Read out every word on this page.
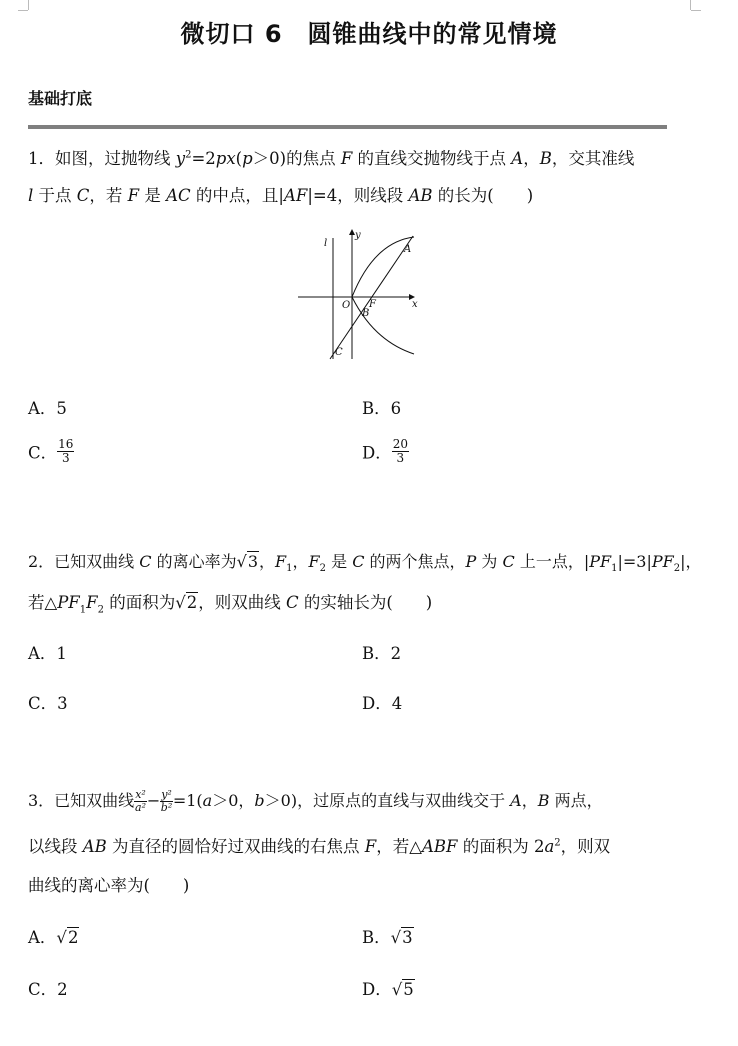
微切口 6　圆锥曲线中的常见情境
基础打底
1．如图，过抛物线 $y^2=2px(p>0)$的焦点 F 的直线交抛物线于点 A，B，交其准线
l 于点 C，若 F 是 AC 的中点，且|AF|=4，则线段 AB 的长为(　　)
l
y
x
O F
A
B
C
A．5	B．6
C． $\frac{16}{3}$	D． $\frac{20}{3}$
2．已知双曲线 C 的离心率为√3，$F_1$，$F_2$ 是 C 的两个焦点，P 为 C 上一点，$|PF_1|=3|PF_2|$，
若$\triangle PF_1F_2$ 的面积为√2，则双曲线 C 的实轴长为(　　)
A．1	B．2
C．3	D．4
3．已知双曲线 $\frac{\text{x²}}{\text{a²}} - \frac{\text{y²}}{\text{b²}} =1(a>0$，b＞0)，过原点的直线与双曲线交于 A，B 两点，
以线段 AB 为直径的圆恰好过双曲线的右焦点 F，若△ABF 的面积为 $2a^2$，则双
曲线的离心率为(　　)
A．√2	B．√3
C．2	D．√5
